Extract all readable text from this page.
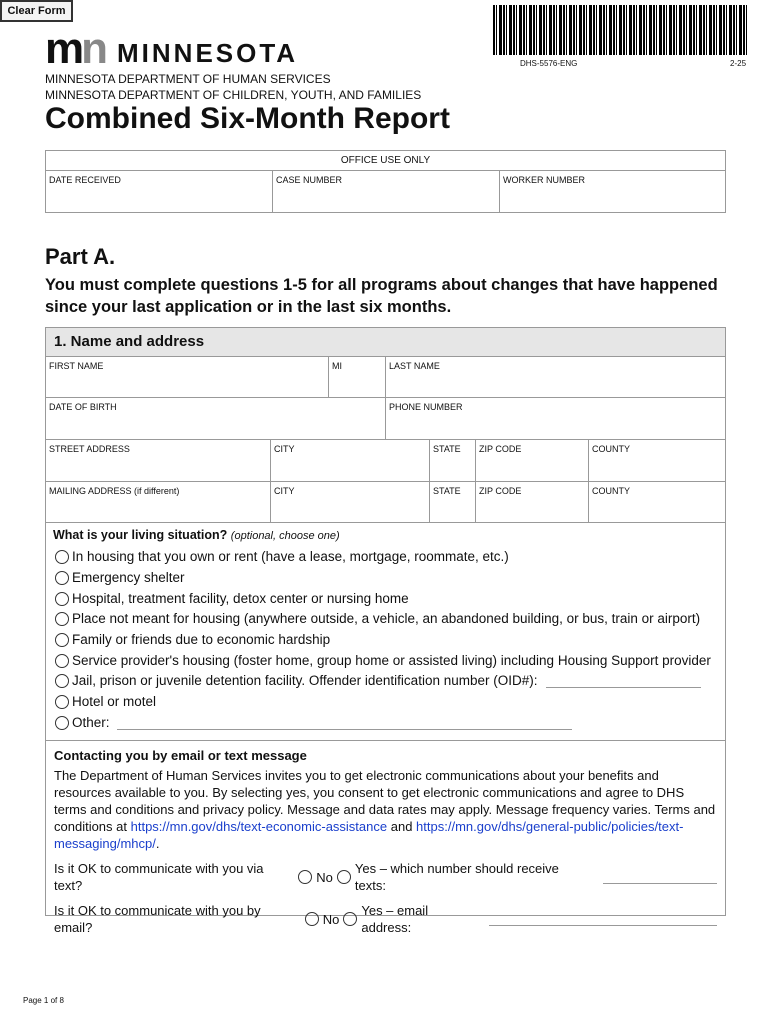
Clear Form
mn MINNESOTA	DHS-5576-ENG	2-25
MINNESOTA DEPARTMENT OF HUMAN SERVICES
MINNESOTA DEPARTMENT OF CHILDREN, YOUTH, AND FAMILIES
Combined Six-Month Report
OFFICE USE ONLY
DATE RECEIVED	CASE NUMBER	WORKER NUMBER
Part A.
You must complete questions 1-5 for all programs about changes that have happened since your last application or in the last six months.
1. Name and address
FIRST NAME	MI	LAST NAME
DATE OF BIRTH	PHONE NUMBER
STREET ADDRESS	CITY	STATE	ZIP CODE	COUNTY
MAILING ADDRESS (if different)	CITY	STATE	ZIP CODE	COUNTY
What is your living situation? (optional, choose one)
In housing that you own or rent (have a lease, mortgage, roommate, etc.)
Emergency shelter
Hospital, treatment facility, detox center or nursing home
Place not meant for housing (anywhere outside, a vehicle, an abandoned building, or bus, train or airport)
Family or friends due to economic hardship
Service provider's housing (foster home, group home or assisted living) including Housing Support provider
Jail, prison or juvenile detention facility. Offender identification number (OID#):
Hotel or motel
Other:
Contacting you by email or text message
The Department of Human Services invites you to get electronic communications about your benefits and resources available to you. By selecting yes, you consent to get electronic communications and agree to DHS terms and conditions and privacy policy. Message and data rates may apply. Message frequency varies. Terms and conditions at https://mn.gov/dhs/text-economic-assistance and https://mn.gov/dhs/general-public/policies/text-messaging/mhcp/.
Is it OK to communicate with you via text?
No
Yes – which number should receive texts:
Is it OK to communicate with you by email?
No
Yes – email address:
Page 1 of 8
